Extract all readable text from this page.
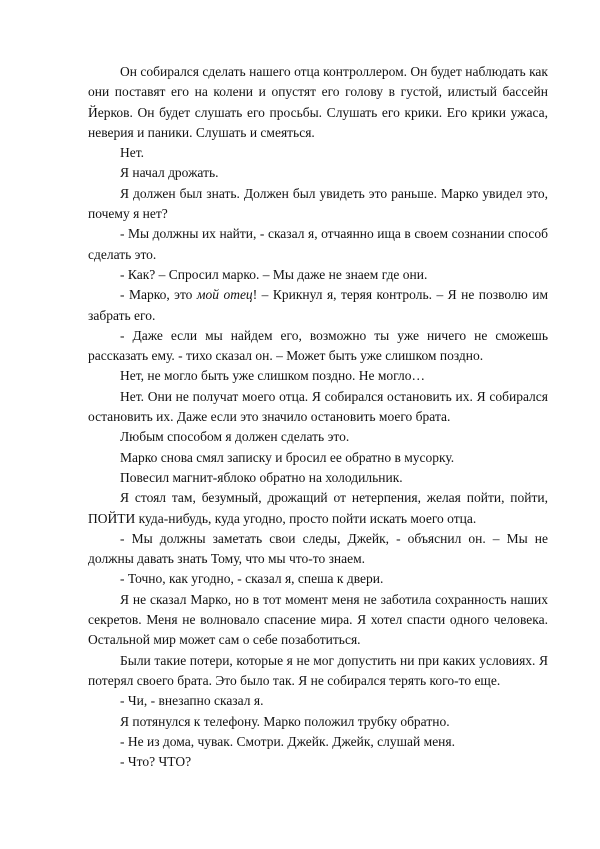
Он собирался сделать нашего отца контроллером. Он будет наблюдать как они поставят его на колени и опустят его голову в густой, илистый бассейн Йерков. Он будет слушать его просьбы. Слушать его крики. Его крики ужаса, неверия и паники. Слушать и смеяться.

Нет.

Я начал дрожать.

Я должен был знать. Должен был увидеть это раньше. Марко увидел это, почему я нет?

- Мы должны их найти, - сказал я, отчаянно ища в своем сознании способ сделать это.

- Как? – Спросил марко. – Мы даже не знаем где они.

- Марко, это мой отец! – Крикнул я, теряя контроль. – Я не позволю им забрать его.

- Даже если мы найдем его, возможно ты уже ничего не сможешь рассказать ему. - тихо сказал он. – Может быть уже слишком поздно.

Нет, не могло быть уже слишком поздно. Не могло…

Нет. Они не получат моего отца. Я собирался остановить их. Я собирался остановить их. Даже если это значило остановить моего брата.

Любым способом я должен сделать это.

Марко снова смял записку и бросил ее обратно в мусорку.

Повесил магнит-яблоко обратно на холодильник.

Я стоял там, безумный, дрожащий от нетерпения, желая пойти, пойти, ПОЙТИ куда-нибудь, куда угодно, просто пойти искать моего отца.

- Мы должны заметать свои следы, Джейк, - объяснил он. – Мы не должны давать знать Тому, что мы что-то знаем.

- Точно, как угодно, - сказал я, спеша к двери.

Я не сказал Марко, но в тот момент меня не заботила сохранность наших секретов. Меня не волновало спасение мира. Я хотел спасти одного человека. Остальной мир может сам о себе позаботиться.

Были такие потери, которые я не мог допустить ни при каких условиях. Я потерял своего брата. Это было так. Я не собирался терять кого-то еще.

- Чи, - внезапно сказал я.

Я потянулся к телефону. Марко положил трубку обратно.

- Не из дома, чувак. Смотри. Джейк. Джейк, слушай меня.

- Что? ЧТО?
